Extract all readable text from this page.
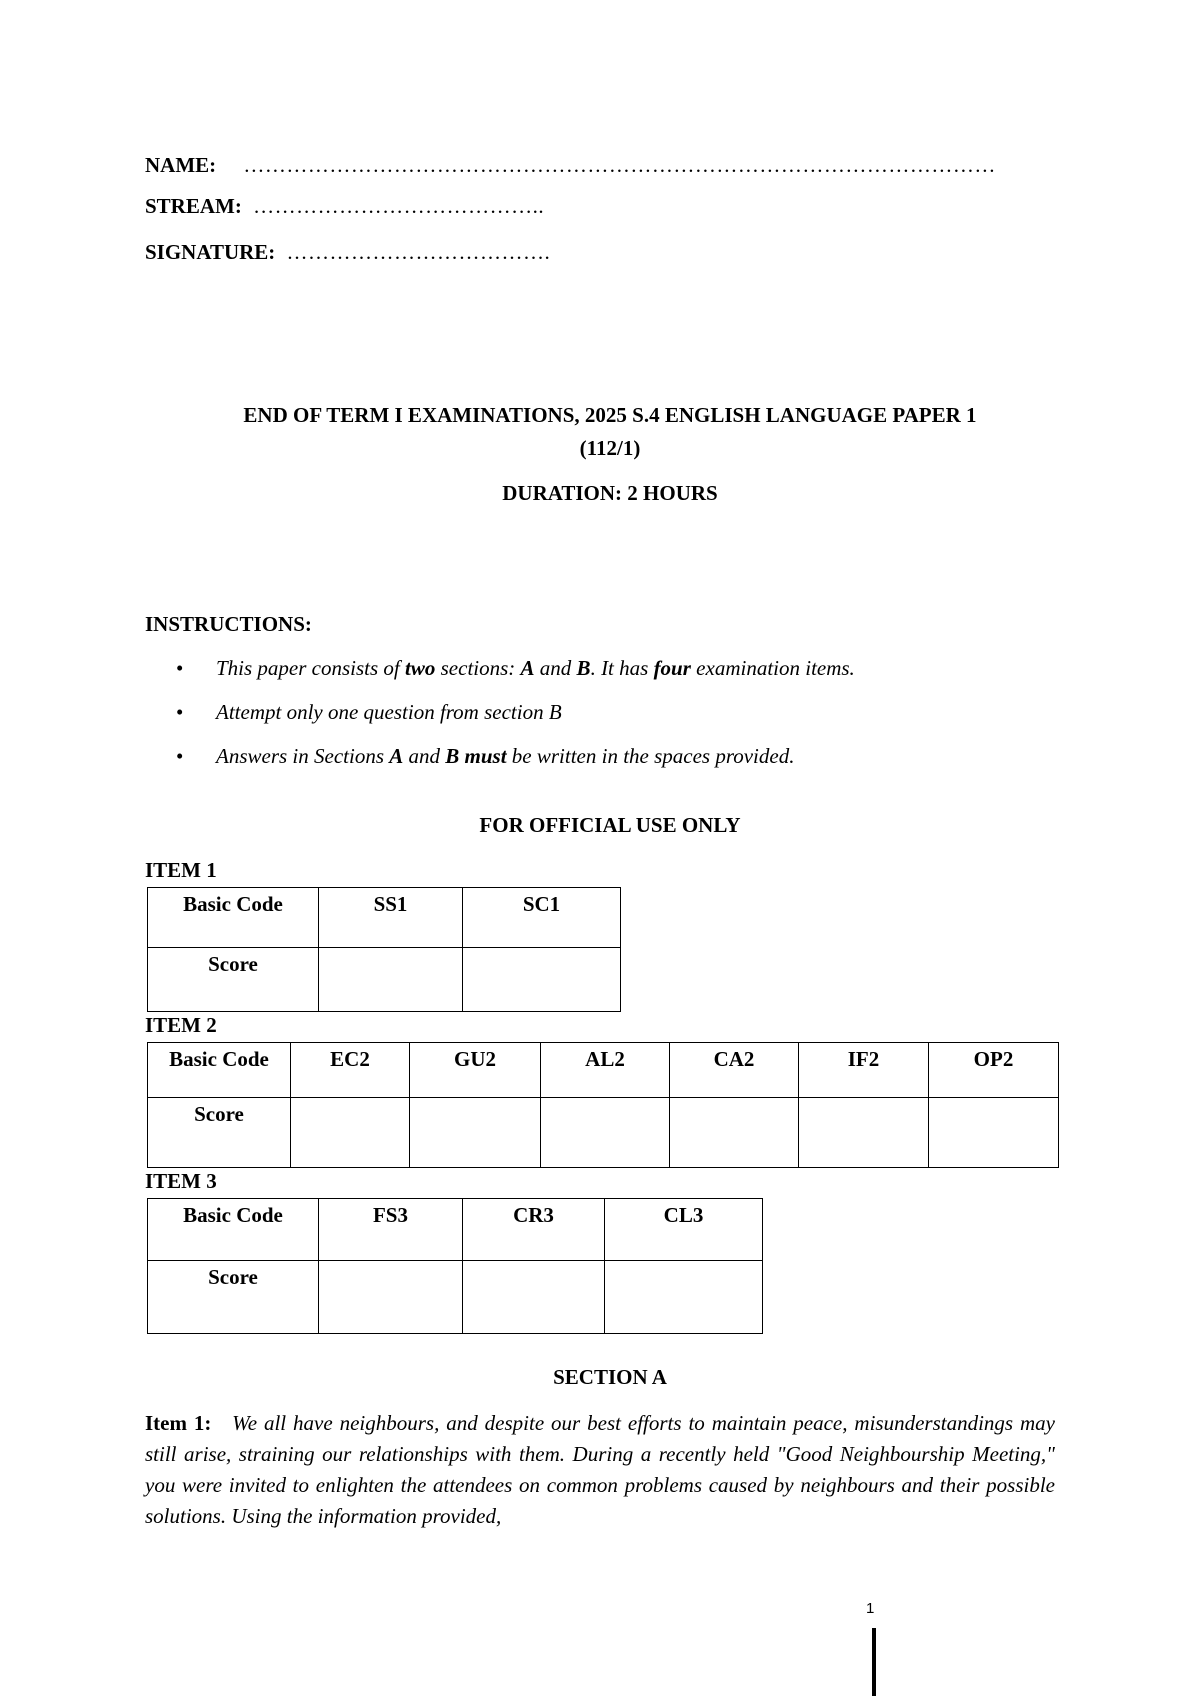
NAME: ……………………………………………………………………………………………
STREAM: …………………………………..
SIGNATURE: ……………………………….
END OF TERM I EXAMINATIONS, 2025 S.4 ENGLISH LANGUAGE PAPER 1
(112/1)
DURATION: 2 HOURS
INSTRUCTIONS:
• This paper consists of two sections: A and B. It has four examination items.
• Attempt only one question from section B
• Answers in Sections A and B must be written in the spaces provided.
FOR OFFICIAL USE ONLY
ITEM 1
Basic Code	SS1	SC1
Score		
ITEM 2
Basic Code	EC2	GU2	AL2	CA2	IF2	OP2
Score						
ITEM 3
Basic Code	FS3	CR3	CL3
Score			
SECTION A
Item 1: We all have neighbours, and despite our best efforts to maintain peace, misunderstandings may still arise, straining our relationships with them. During a recently held "Good Neighbourship Meeting," you were invited to enlighten the attendees on common problems caused by neighbours and their possible solutions. Using the information provided,
1
